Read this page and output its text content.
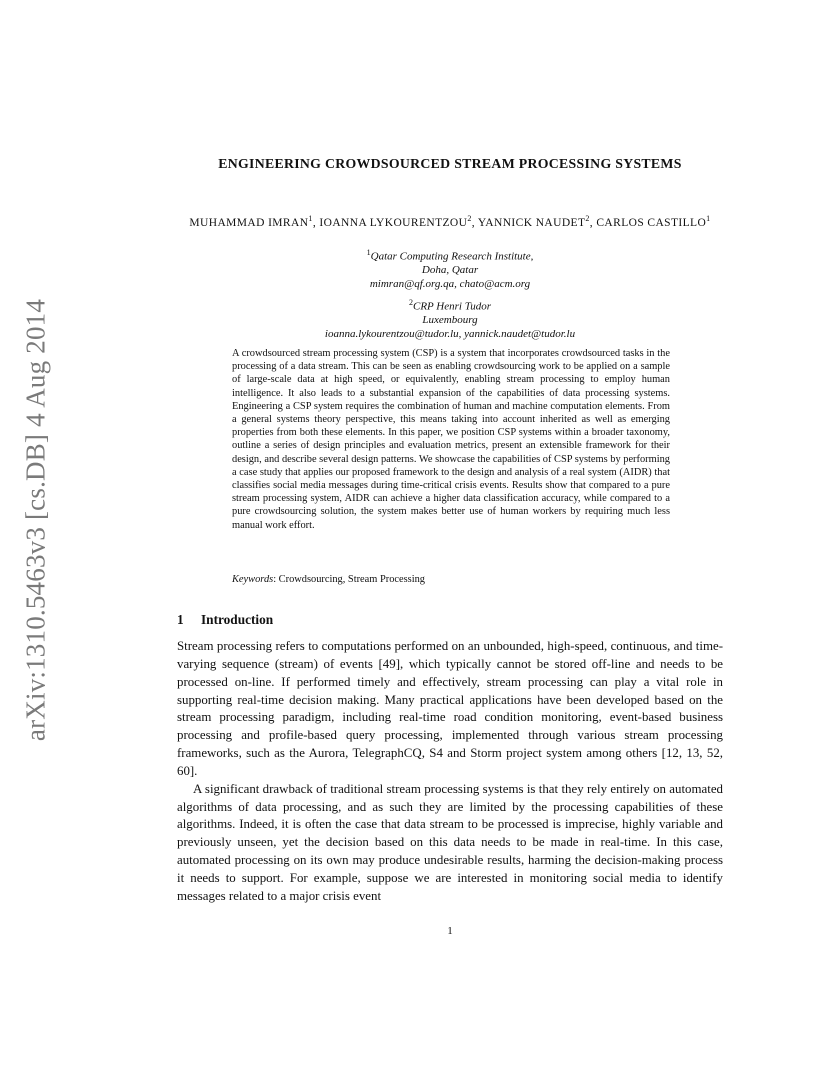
arXiv:1310.5463v3 [cs.DB] 4 Aug 2014
ENGINEERING CROWDSOURCED STREAM PROCESSING SYSTEMS
MUHAMMAD IMRAN$^1$, IOANNA LYKOURENTZOU$^2$, YANNICK NAUDET$^2$, CARLOS CASTILLO$^1$
$^1$Qatar Computing Research Institute,
Doha, Qatar
mimran@qf.org.qa, chato@acm.org
$^2$CRP Henri Tudor
Luxembourg
ioanna.lykourentzou@tudor.lu, yannick.naudet@tudor.lu
A crowdsourced stream processing system (CSP) is a system that incorporates crowdsourced tasks in the processing of a data stream. This can be seen as enabling crowdsourcing work to be applied on a sample of large-scale data at high speed, or equivalently, enabling stream processing to employ human intelligence. It also leads to a substantial expansion of the capabilities of data processing systems. Engineering a CSP system requires the combination of human and machine computation elements. From a general systems theory perspective, this means taking into account inherited as well as emerging properties from both these elements. In this paper, we position CSP systems within a broader taxonomy, outline a series of design principles and evaluation metrics, present an extensible framework for their design, and describe several design patterns. We showcase the capabilities of CSP systems by performing a case study that applies our proposed framework to the design and analysis of a real system (AIDR) that classifies social media messages during time-critical crisis events. Results show that compared to a pure stream processing system, AIDR can achieve a higher data classification accuracy, while compared to a pure crowdsourcing solution, the system makes better use of human workers by requiring much less manual work effort.
Keywords: Crowdsourcing, Stream Processing
1 Introduction

Stream processing refers to computations performed on an unbounded, high-speed, continuous, and time-varying sequence (stream) of events [49], which typically cannot be stored off-line and needs to be processed on-line. If performed timely and effectively, stream processing can play a vital role in supporting real-time decision making. Many practical applications have been developed based on the stream processing paradigm, including real-time road condition monitoring, event-based business processing and profile-based query processing, implemented through various stream processing frameworks, such as the Aurora, TelegraphCQ, S4 and Storm project system among others [12, 13, 52, 60].

A significant drawback of traditional stream processing systems is that they rely entirely on automated algorithms of data processing, and as such they are limited by the processing capabilities of these algorithms. Indeed, it is often the case that data stream to be processed is imprecise, highly variable and previously unseen, yet the decision based on this data needs to be made in real-time. In this case, automated processing on its own may produce undesirable results, harming the decision-making process it needs to support. For example, suppose we are interested in monitoring social media to identify messages related to a major crisis event

1
